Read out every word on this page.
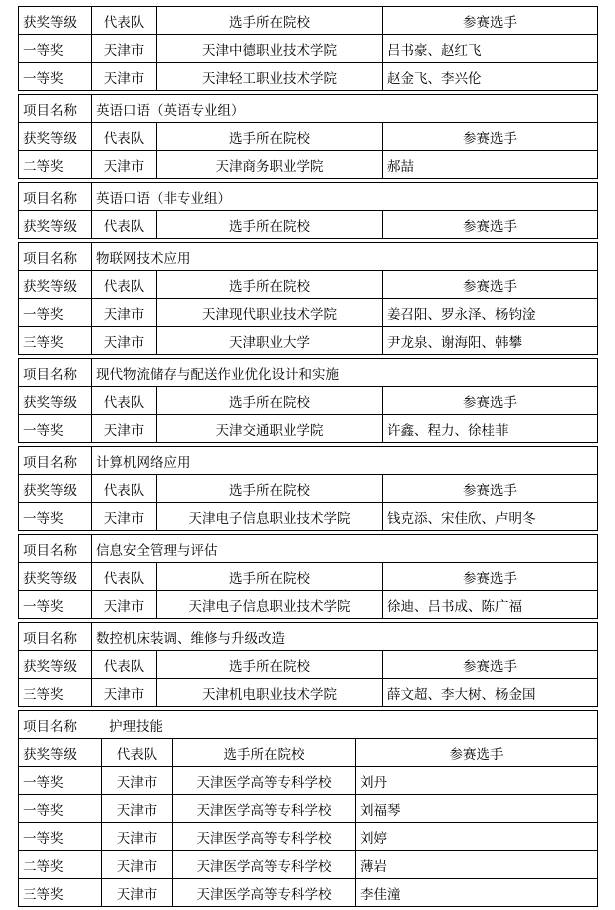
获奖等级	代表队	选手所在院校	参赛选手
一等奖	天津市	天津中德职业技术学院	吕书豪、赵红飞
一等奖	天津市	天津轻工职业技术学院	赵金飞、李兴伦
项目名称	英语口语（英语专业组）
获奖等级	代表队	选手所在院校	参赛选手
二等奖	天津市	天津商务职业学院	郝喆
项目名称	英语口语（非专业组）
获奖等级	代表队	选手所在院校	参赛选手
项目名称	物联网技术应用
获奖等级	代表队	选手所在院校	参赛选手
一等奖	天津市	天津现代职业技术学院	姜召阳、罗永泽、杨钧淦
三等奖	天津市	天津职业大学	尹龙泉、谢海阳、韩攀
项目名称	现代物流储存与配送作业优化设计和实施
获奖等级	代表队	选手所在院校	参赛选手
一等奖	天津市	天津交通职业学院	许鑫、程力、徐桂菲
项目名称	计算机网络应用
获奖等级	代表队	选手所在院校	参赛选手
一等奖	天津市	天津电子信息职业技术学院	钱克添、宋佳欣、卢明冬
项目名称	信息安全管理与评估
获奖等级	代表队	选手所在院校	参赛选手
一等奖	天津市	天津电子信息职业技术学院	徐迪、吕书成、陈广福
项目名称	数控机床装调、维修与升级改造
获奖等级	代表队	选手所在院校	参赛选手
三等奖	天津市	天津机电职业技术学院	薛文超、李大树、杨金国
项目名称	护理技能
获奖等级	代表队	选手所在院校	参赛选手
一等奖	天津市	天津医学高等专科学校	刘丹
一等奖	天津市	天津医学高等专科学校	刘福琴
一等奖	天津市	天津医学高等专科学校	刘婷
二等奖	天津市	天津医学高等专科学校	薄岩
三等奖	天津市	天津医学高等专科学校	李佳潼
